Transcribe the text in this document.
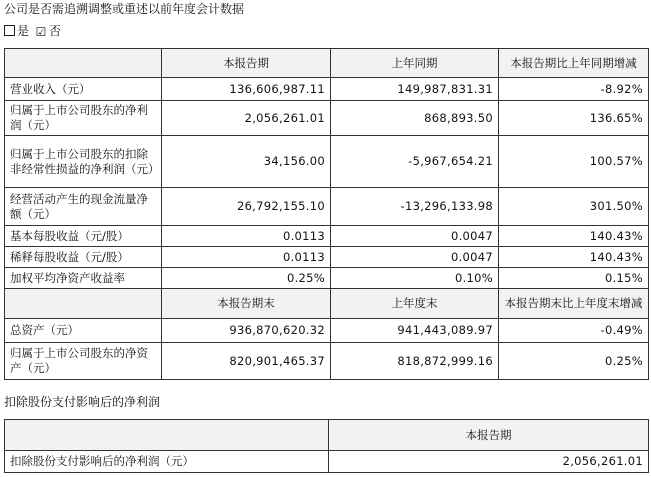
公司是否需追溯调整或重述以前年度会计数据
是 ☑ 否
	本报告期	上年同期	本报告期比上年同期增减
营业收入（元）	136,606,987.11	149,987,831.31	-8.92%
归属于上市公司股东的净利润（元）	2,056,261.01	868,893.50	136.65%
归属于上市公司股东的扣除非经常性损益的净利润（元）	34,156.00	-5,967,654.21	100.57%
经营活动产生的现金流量净额（元）	26,792,155.10	-13,296,133.98	301.50%
基本每股收益（元/股）	0.0113	0.0047	140.43%
稀释每股收益（元/股）	0.0113	0.0047	140.43%
加权平均净资产收益率	0.25%	0.10%	0.15%
	本报告期末	上年度末	本报告期末比上年度末增减
总资产（元）	936,870,620.32	941,443,089.97	-0.49%
归属于上市公司股东的净资产（元）	820,901,465.37	818,872,999.16	0.25%
扣除股份支付影响后的净利润
	本报告期
扣除股份支付影响后的净利润（元）	2,056,261.01
